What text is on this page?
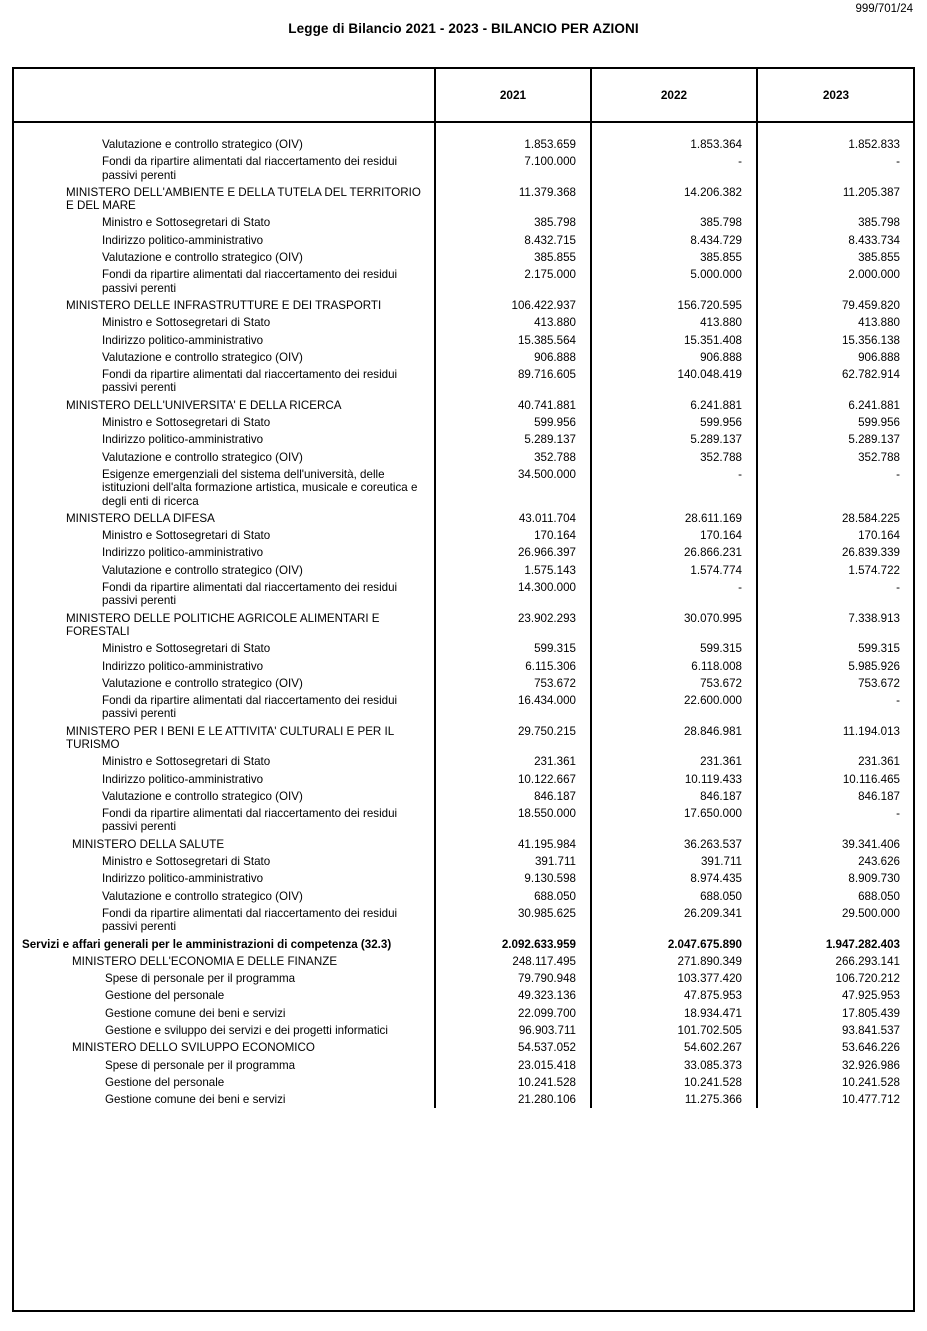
999/701/24
Legge di Bilancio 2021 - 2023 - BILANCIO PER AZIONI
	2021	2022	2023

Valutazione e controllo strategico (OIV)	1.853.659	1.853.364	1.852.833
Fondi da ripartire alimentati dal riaccertamento dei residui passivi perenti	7.100.000	-	-
MINISTERO DELL'AMBIENTE E DELLA TUTELA DEL TERRITORIO E DEL MARE	11.379.368	14.206.382	11.205.387
Ministro e Sottosegretari di Stato	385.798	385.798	385.798
Indirizzo politico-amministrativo	8.432.715	8.434.729	8.433.734
Valutazione e controllo strategico (OIV)	385.855	385.855	385.855
Fondi da ripartire alimentati dal riaccertamento dei residui passivi perenti	2.175.000	5.000.000	2.000.000
MINISTERO DELLE INFRASTRUTTURE E DEI TRASPORTI	106.422.937	156.720.595	79.459.820
Ministro e Sottosegretari di Stato	413.880	413.880	413.880
Indirizzo politico-amministrativo	15.385.564	15.351.408	15.356.138
Valutazione e controllo strategico (OIV)	906.888	906.888	906.888
Fondi da ripartire alimentati dal riaccertamento dei residui passivi perenti	89.716.605	140.048.419	62.782.914
MINISTERO DELL'UNIVERSITA' E DELLA RICERCA	40.741.881	6.241.881	6.241.881
Ministro e Sottosegretari di Stato	599.956	599.956	599.956
Indirizzo politico-amministrativo	5.289.137	5.289.137	5.289.137
Valutazione e controllo strategico (OIV)	352.788	352.788	352.788
Esigenze emergenziali del sistema dell'università, delle istituzioni dell'alta formazione artistica, musicale e coreutica e degli enti di ricerca	34.500.000	-	-
MINISTERO DELLA DIFESA	43.011.704	28.611.169	28.584.225
Ministro e Sottosegretari di Stato	170.164	170.164	170.164
Indirizzo politico-amministrativo	26.966.397	26.866.231	26.839.339
Valutazione e controllo strategico (OIV)	1.575.143	1.574.774	1.574.722
Fondi da ripartire alimentati dal riaccertamento dei residui passivi perenti	14.300.000	-	-
MINISTERO DELLE POLITICHE AGRICOLE ALIMENTARI E FORESTALI	23.902.293	30.070.995	7.338.913
Ministro e Sottosegretari di Stato	599.315	599.315	599.315
Indirizzo politico-amministrativo	6.115.306	6.118.008	5.985.926
Valutazione e controllo strategico (OIV)	753.672	753.672	753.672
Fondi da ripartire alimentati dal riaccertamento dei residui passivi perenti	16.434.000	22.600.000	-
MINISTERO PER I BENI E LE ATTIVITA' CULTURALI E PER IL TURISMO	29.750.215	28.846.981	11.194.013
Ministro e Sottosegretari di Stato	231.361	231.361	231.361
Indirizzo politico-amministrativo	10.122.667	10.119.433	10.116.465
Valutazione e controllo strategico (OIV)	846.187	846.187	846.187
Fondi da ripartire alimentati dal riaccertamento dei residui passivi perenti	18.550.000	17.650.000	-
MINISTERO DELLA SALUTE	41.195.984	36.263.537	39.341.406
Ministro e Sottosegretari di Stato	391.711	391.711	243.626
Indirizzo politico-amministrativo	9.130.598	8.974.435	8.909.730
Valutazione e controllo strategico (OIV)	688.050	688.050	688.050
Fondi da ripartire alimentati dal riaccertamento dei residui passivi perenti	30.985.625	26.209.341	29.500.000
Servizi e affari generali per le amministrazioni di competenza (32.3)	2.092.633.959	2.047.675.890	1.947.282.403
MINISTERO DELL'ECONOMIA E DELLE FINANZE	248.117.495	271.890.349	266.293.141
Spese di personale per il programma	79.790.948	103.377.420	106.720.212
Gestione del personale	49.323.136	47.875.953	47.925.953
Gestione comune dei beni e servizi	22.099.700	18.934.471	17.805.439
Gestione e sviluppo dei servizi e dei progetti informatici	96.903.711	101.702.505	93.841.537
MINISTERO DELLO SVILUPPO ECONOMICO	54.537.052	54.602.267	53.646.226
Spese di personale per il programma	23.015.418	33.085.373	32.926.986
Gestione del personale	10.241.528	10.241.528	10.241.528
Gestione comune dei beni e servizi	21.280.106	11.275.366	10.477.712
